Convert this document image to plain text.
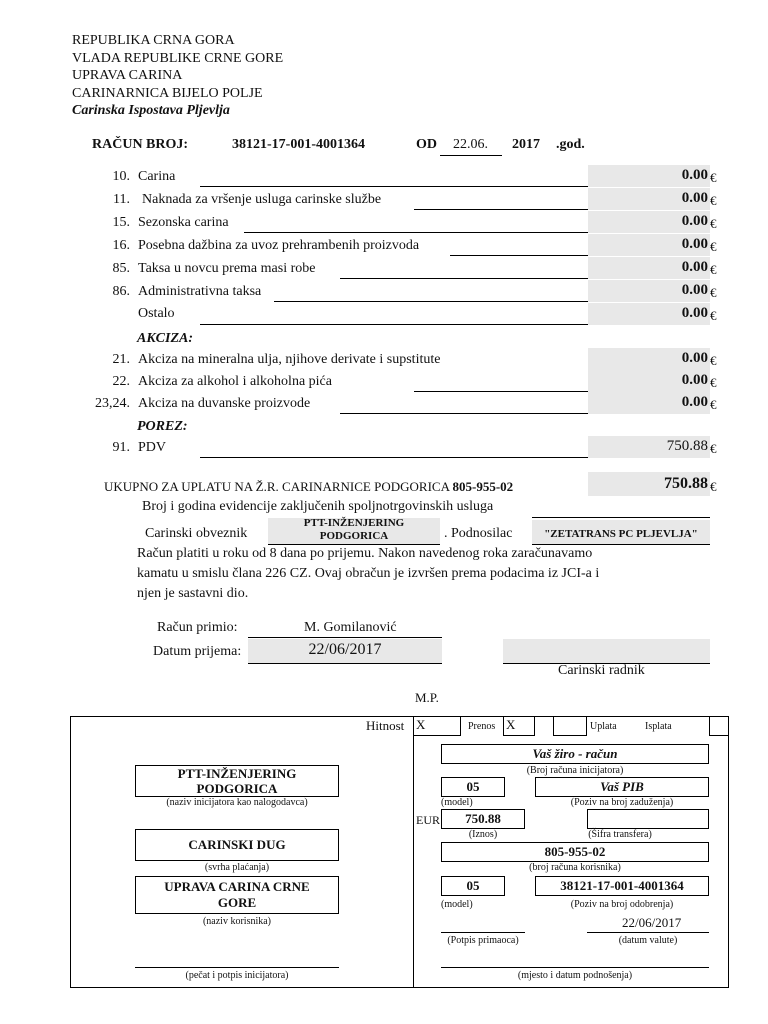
REPUBLIKA CRNA GORA
VLADA REPUBLIKE CRNE GORE
UPRAVA CARINA
CARINARNICA BIJELO POLJE
Carinska Ispostava Pljevlja
RAČUN BROJ:	38121-17-001-4001364	OD 22.06. 2017 .god.
10. Carina	0.00 €
11. Naknada za vršenje usluga carinske službe	0.00 €
15. Sezonska carina	0.00 €
16. Posebna dažbina za uvoz prehrambenih proizvoda	0.00 €
85. Taksa u novcu prema masi robe	0.00 €
86. Administrativna taksa	0.00 €
Ostalo	0.00 €
AKCIZA:
21. Akciza na mineralna ulja, njihove derivate i supstitute	0.00 €
22. Akciza za alkohol i alkoholna pića	0.00 €
23,24. Akciza na duvanske proizvode	0.00 €
POREZ:
91. PDV	750.88 €
UKUPNO ZA UPLATU NA Ž.R. CARINARNICE PODGORICA 805-955-02	750.88 €
Broj i godina evidencije zaključenih spoljnotrgovinskih usluga
Carinski obveznik
PTT-INŽENJERING
PODGORICA	. Podnosilac	"ZETATRANS PC PLJEVLJA"
Račun platiti u roku od 8 dana po prijemu. Nakon navedenog roka zaračunavamo
kamatu u smislu člana 226 CZ. Ovaj obračun je izvršen prema podacima iz JCI-a i
njen je sastavni dio.
Račun primio:	M. Gomilanović
Datum prijema:	22/06/2017
Carinski radnik
M.P.
Hitnost X	Prenos X	Uplata	Isplata
PTT-INŽENJERING
PODGORICA
(naziv inicijatora kao nalogodavca)
CARINSKI DUG
(svrha plaćanja)
UPRAVA CARINA CRNE
GORE
(naziv korisnika)
(pečat i potpis inicijatora)
Vaš žiro - račun
(Broj računa inicijatora)
05
(model)
Vaš PIB
(Poziv na broj zaduženja)
EUR	750.88
(Iznos)	(Šifra transfera)
805-955-02
(broj računa korisnika)
05
(model)
38121-17-001-4001364
(Poziv na broj odobrenja)
22/06/2017
(Potpis primaoca)	(datum valute)
(mjesto i datum podnošenja)
